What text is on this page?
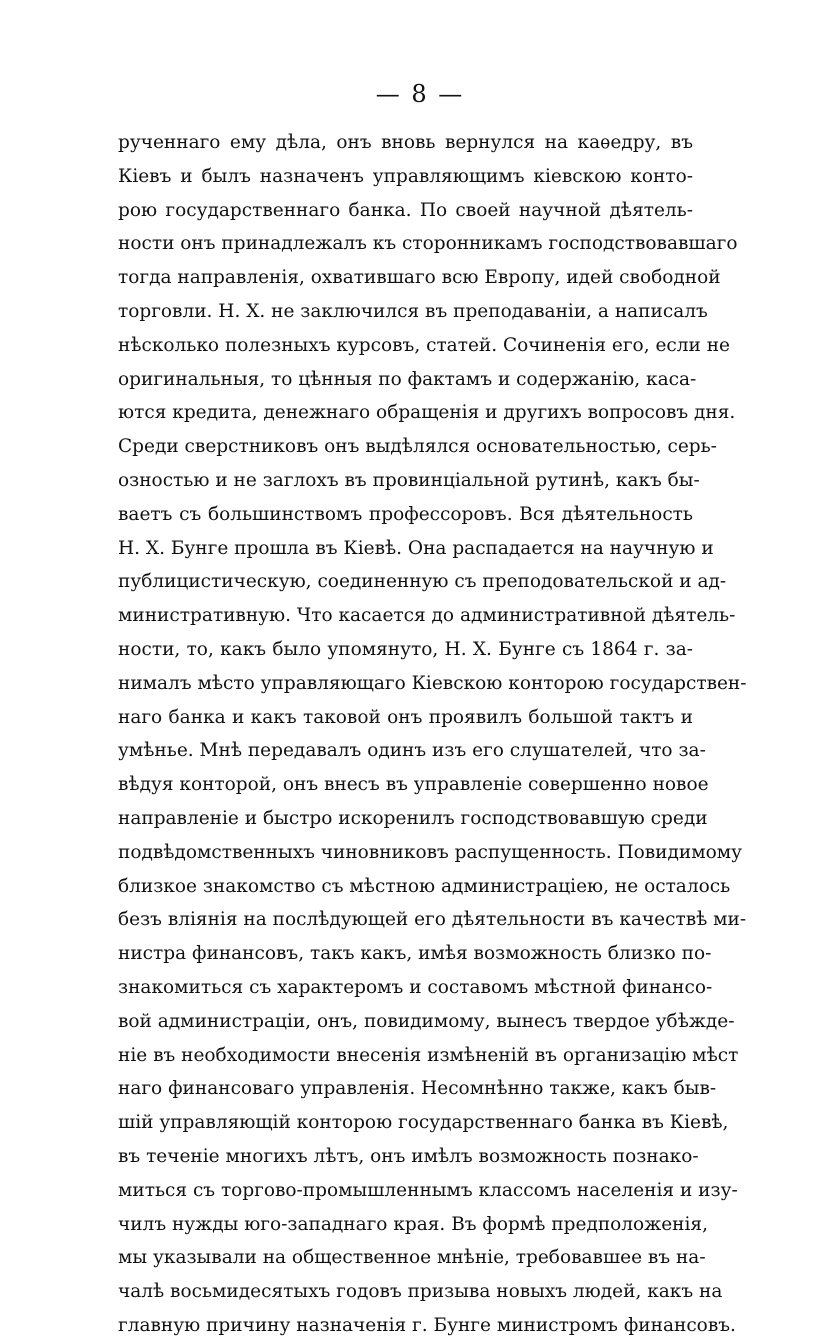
— 8 —
рученнаго ему дѣла, онъ вновь вернулся на каѳедру, въ
Кіевъ и былъ назначенъ управляющимъ кіевскою конто-
рою государственнаго банка. По своей научной дѣятель-
ности онъ принадлежалъ къ сторонникамъ господствовавшаго
тогда направленія, охватившаго всю Европу, идей свободной
торговли. Н. Х. не заключился въ преподаваніи, а написалъ
нѣсколько полезныхъ курсовъ, статей. Сочиненія его, если не
оригинальныя, то цѣнныя по фактамъ и содержанію, каса-
ются кредита, денежнаго обращенія и другихъ вопросовъ дня.
Среди сверстниковъ онъ выдѣлялся основательностью, серь-
озностью и не заглохъ въ провинціальной рутинѣ, какъ бы-
ваетъ съ большинствомъ профессоровъ. Вся дѣятельность
Н. Х. Бунге прошла въ Кіевѣ. Она распадается на научную и
публицистическую, соединенную съ преподовательской и ад-
министративную. Что касается до административной дѣятель-
ности, то, какъ было упомянуто, Н. Х. Бунге съ 1864 г. за-
нималъ мѣсто управляющаго Кіевскою конторою государствен-
наго банка и какъ таковой онъ проявилъ большой тактъ и
умѣнье. Мнѣ передавалъ одинъ изъ его слушателей, что за-
вѣдуя конторой, онъ внесъ въ управленіе совершенно новое
направленіе и быстро искоренилъ господствовавшую среди
подвѣдомственныхъ чиновниковъ распущенность. Повидимому
близкое знакомство съ мѣстною администраціею, не осталось
безъ вліянія на послѣдующей его дѣятельности въ качествѣ ми-
нистра финансовъ, такъ какъ, имѣя возможность близко по-
знакомиться съ характеромъ и составомъ мѣстной финансо-
вой администраціи, онъ, повидимому, вынесъ твердое убѣжде-
ніе въ необходимости внесенія измѣненій въ организацію мѣст
наго финансоваго управленія. Несомнѣнно также, какъ быв-
шій управляющій конторою государственнаго банка въ Кіевѣ,
въ теченіе многихъ лѣтъ, онъ имѣлъ возможность познако-
миться съ торгово-промышленнымъ классомъ населенія и изу-
чилъ нужды юго-западнаго края. Въ формѣ предположенія,
мы указывали на общественное мнѣніе, требовавшее въ на-
чалѣ восьмидесятыхъ годовъ призыва новыхъ людей, какъ на
главную причину назначенія г. Бунге министромъ финансовъ.
